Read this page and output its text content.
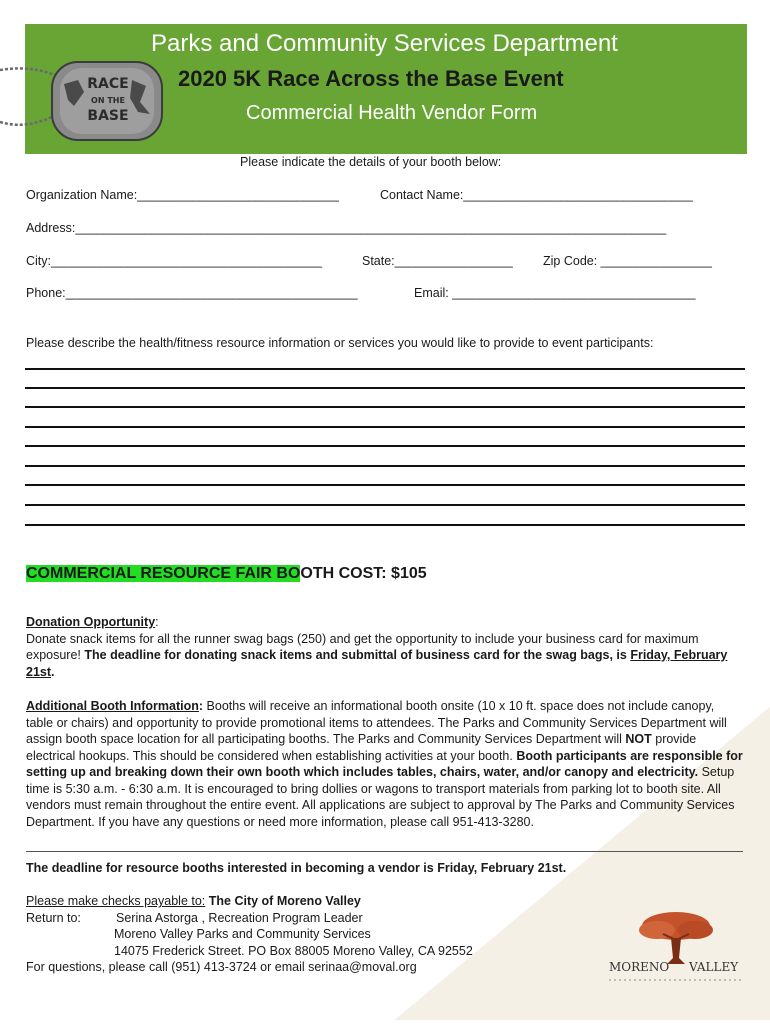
RACE
ON THE
BASE
Parks and Community Services Department
2020 5K Race Across the Base Event
Commercial Health Vendor Form
Please indicate the details of your booth below:
Organization Name:_____________________________	Contact Name:_________________________________
Address:_____________________________________________________________________________________
City:_______________________________________	State:_________________ Zip Code: ________________
Phone:__________________________________________	Email: ___________________________________
Please describe the health/fitness resource information or services you would like to provide to event participants:
COMMERCIAL RESOURCE FAIR BOOTH COST: $105
Donation Opportunity:
Donate snack items for all the runner swag bags (250) and get the opportunity to include your business card for maximum exposure! The deadline for donating snack items and submittal of business card for the swag bags, is Friday, February 21st.
Additional Booth Information: Booths will receive an informational booth onsite (10 x 10 ft. space does not include canopy, table or chairs) and opportunity to provide promotional items to attendees. The Parks and Community Services Department will assign booth space location for all participating booths. The Parks and Community Services Department will NOT provide electrical hookups. This should be considered when establishing activities at your booth. Booth participants are responsible for setting up and breaking down their own booth which includes tables, chairs, water, and/or canopy and electricity. Setup time is 5:30 a.m. - 6:30 a.m. It is encouraged to bring dollies or wagons to transport materials from parking lot to booth site. All vendors must remain throughout the entire event. All applications are subject to approval by The Parks and Community Services Department. If you have any questions or need more information, please call 951-413-3280.
The deadline for resource booths interested in becoming a vendor is Friday, February 21st.
Please make checks payable to: The City of Moreno Valley
Return to:	Serina Astorga , Recreation Program Leader
Moreno Valley Parks and Community Services
14075 Frederick Street. PO Box 88005 Moreno Valley, CA 92552
For questions, please call (951) 413-3724 or email serinaa@moval.org	MORENO VALLEY
